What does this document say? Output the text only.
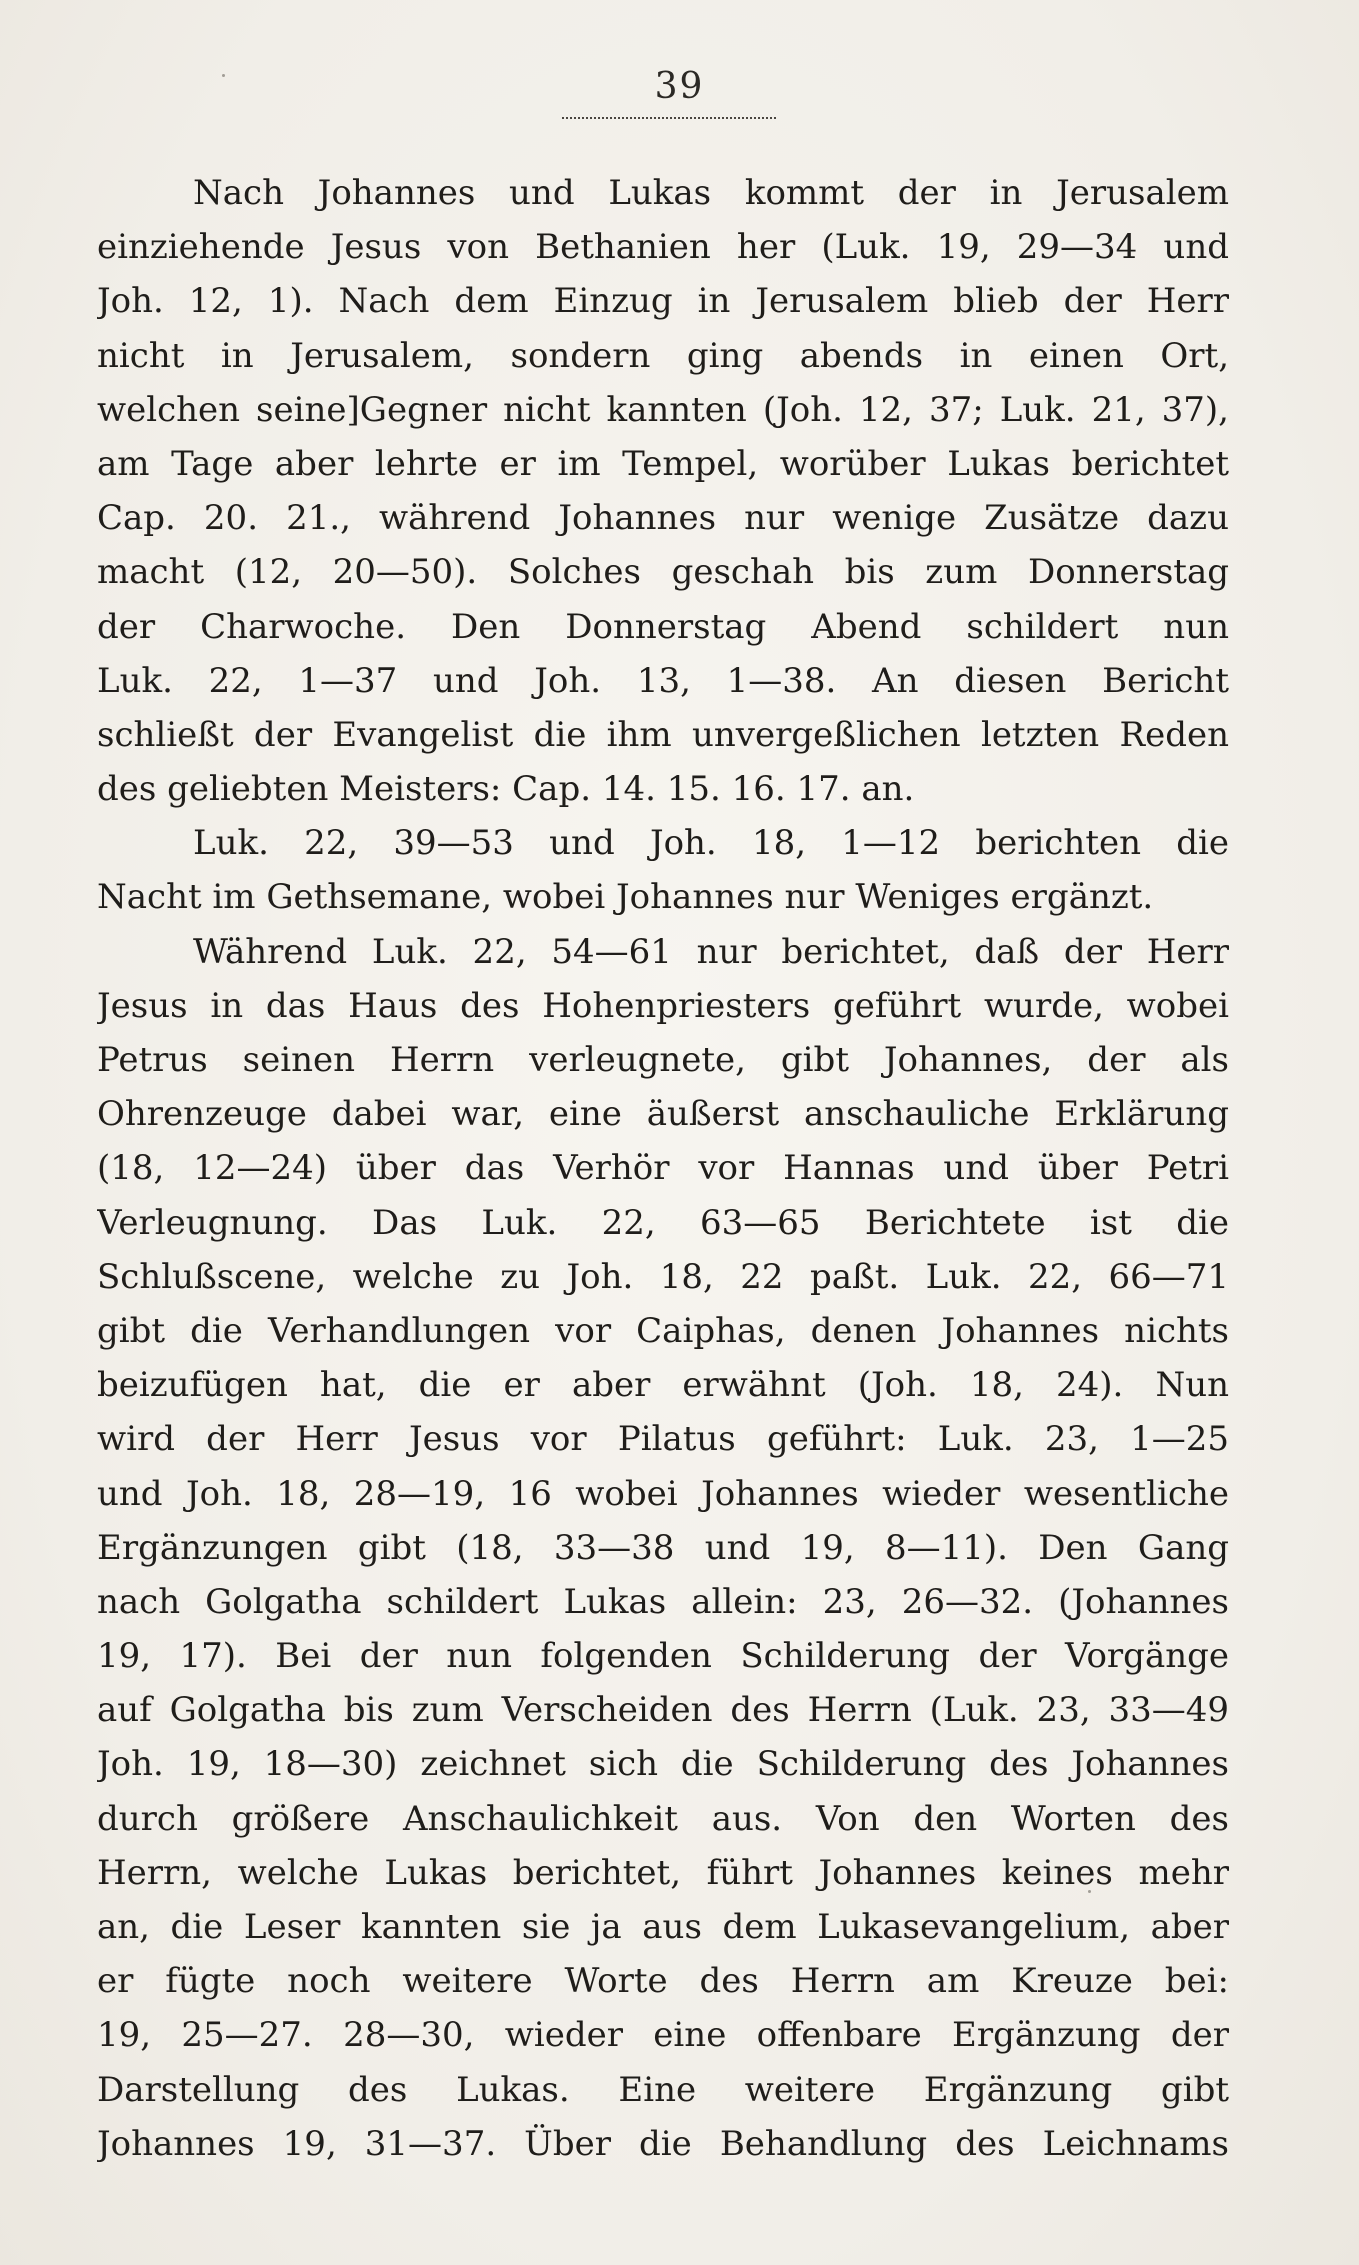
39
Nach Johannes und Lukas kommt der in Jerusalem
einziehende Jesus von Bethanien her (Luk. 19, 29—34 und
Joh. 12, 1). Nach dem Einzug in Jerusalem blieb der Herr
nicht in Jerusalem, sondern ging abends in einen Ort,
welchen seine]Gegner nicht kannten (Joh. 12, 37; Luk. 21, 37),
am Tage aber lehrte er im Tempel, worüber Lukas berichtet
Cap. 20. 21., während Johannes nur wenige Zusätze dazu
macht (12, 20—50). Solches geschah bis zum Donnerstag
der Charwoche. Den Donnerstag Abend schildert nun
Luk. 22, 1—37 und Joh. 13, 1—38. An diesen Bericht
schließt der Evangelist die ihm unvergeßlichen letzten Reden
des geliebten Meisters: Cap. 14. 15. 16. 17. an.
Luk. 22, 39—53 und Joh. 18, 1—12 berichten die
Nacht im Gethsemane, wobei Johannes nur Weniges ergänzt.
Während Luk. 22, 54—61 nur berichtet, daß der Herr
Jesus in das Haus des Hohenpriesters geführt wurde, wobei
Petrus seinen Herrn verleugnete, gibt Johannes, der als
Ohrenzeuge dabei war, eine äußerst anschauliche Erklärung
(18, 12—24) über das Verhör vor Hannas und über Petri
Verleugnung. Das Luk. 22, 63—65 Berichtete ist die
Schlußscene, welche zu Joh. 18, 22 paßt. Luk. 22, 66—71
gibt die Verhandlungen vor Caiphas, denen Johannes nichts
beizufügen hat, die er aber erwähnt (Joh. 18, 24). Nun
wird der Herr Jesus vor Pilatus geführt: Luk. 23, 1—25
und Joh. 18, 28—19, 16 wobei Johannes wieder wesentliche
Ergänzungen gibt (18, 33—38 und 19, 8—11). Den Gang
nach Golgatha schildert Lukas allein: 23, 26—32. (Johannes
19, 17). Bei der nun folgenden Schilderung der Vorgänge
auf Golgatha bis zum Verscheiden des Herrn (Luk. 23, 33—49
Joh. 19, 18—30) zeichnet sich die Schilderung des Johannes
durch größere Anschaulichkeit aus. Von den Worten des
Herrn, welche Lukas berichtet, führt Johannes keines mehr
an, die Leser kannten sie ja aus dem Lukasevangelium, aber
er fügte noch weitere Worte des Herrn am Kreuze bei:
19, 25—27. 28—30, wieder eine offenbare Ergänzung der
Darstellung des Lukas. Eine weitere Ergänzung gibt
Johannes 19, 31—37. Über die Behandlung des Leichnams
